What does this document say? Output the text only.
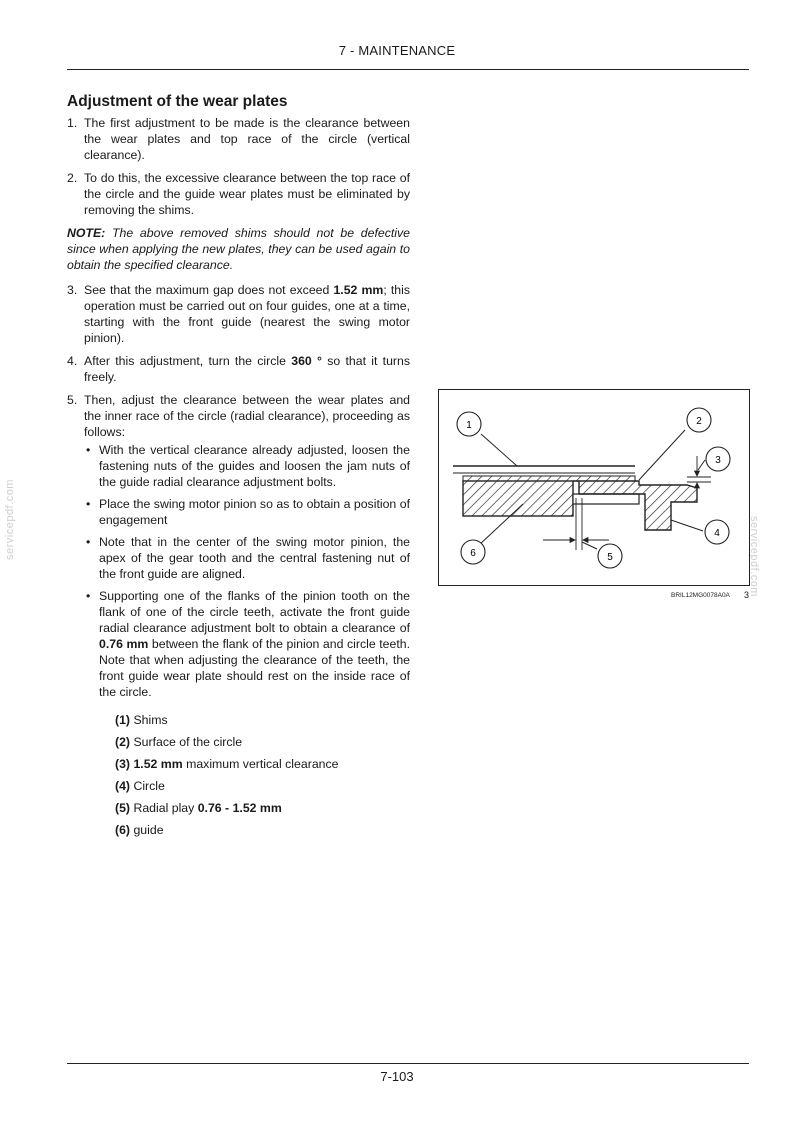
7 - MAINTENANCE
servicepdf.com	servicepdf.com
Adjustment of the wear plates
1. The first adjustment to be made is the clearance between the wear plates and top race of the circle (vertical clearance).
2. To do this, the excessive clearance between the top race of the circle and the guide wear plates must be eliminated by removing the shims.
NOTE: The above removed shims should not be defective since when applying the new plates, they can be used again to obtain the specified clearance.
3. See that the maximum gap does not exceed 1.52 mm; this operation must be carried out on four guides, one at a time, starting with the front guide (nearest the swing motor pinion).
4. After this adjustment, turn the circle 360 ° so that it turns freely.
5. Then, adjust the clearance between the wear plates and the inner race of the circle (radial clearance), proceeding as follows:
• With the vertical clearance already adjusted, loosen the fastening nuts of the guides and loosen the jam nuts of the guide radial clearance adjustment bolts.
• Place the swing motor pinion so as to obtain a position of engagement
• Note that in the center of the swing motor pinion, the apex of the gear tooth and the central fastening nut of the front guide are aligned.
• Supporting one of the flanks of the pinion tooth on the flank of one of the circle teeth, activate the front guide radial clearance adjustment bolt to obtain a clearance of 0.76 mm between the flank of the pinion and circle teeth. Note that when adjusting the clearance of the teeth, the front guide wear plate should rest on the inside race of the circle.
(1) Shims
(2) Surface of the circle
(3) 1.52 mm maximum vertical clearance
(4) Circle
(5) Radial play 0.76 - 1.52 mm
(6) guide
1	2
3
4
5
6
BRIL12MG0078A0A 3
7-103
